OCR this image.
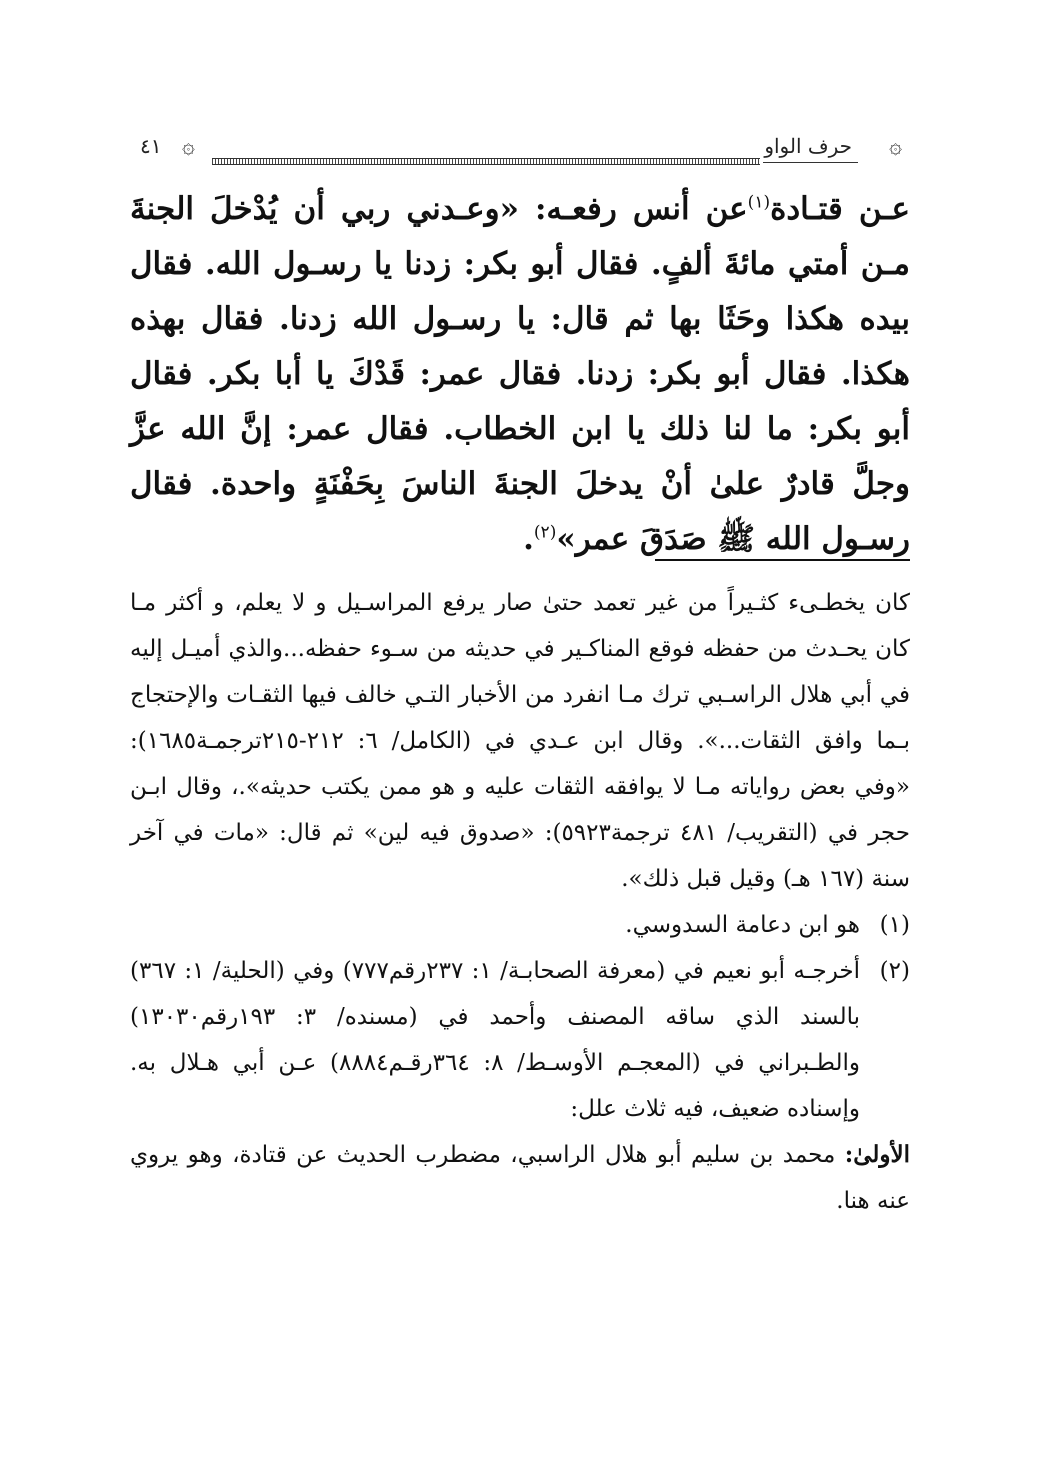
۞
حرف الواو
۞
٤١

عـن قتـادة$^{(١)}$عن أنس رفعـه: «وعـدني ربي أن يُدْخلَ الجنةَ مـن أمتي مائةَ ألفٍ. فقال أبو بكر: زدنا يا رسـول الله. فقال بيده هكذا وحَثَا بها ثم قال: يا رسـول الله زدنا. فقال بهذه هكذا. فقال أبو بكر: زدنا. فقال عمر: قَدْكَ يا أبا بكر. فقال أبو بكر: ما لنا ذلك يا ابن الخطاب. فقال عمر: إنَّ الله عزَّ وجلَّ قادرٌ علىٰ أنْ يدخلَ الجنةَ الناسَ بِحَفْنَةٍ واحدة. فقال رسـول الله ﷺ صَدَقَ عمر»$^{(٢)}$.

كان يخطـىء كثـيراً من غير تعمد حتىٰ صار يرفع المراسـيل و لا يعلم، و أكثر مـا كان يحـدث من حفظه فوقع المناكـير في حديثه من سـوء حفظه...والذي أميـل إليه في أبي هلال الراسـبي ترك مـا انفرد من الأخبار التـي خالف فيها الثقـات والإحتجاج بـما وافق الثقات...». وقال ابن عـدي في (الكامل/ ٦: ٢١٢-٢١٥ترجمـة١٦٨٥): «وفي بعض رواياته مـا لا يوافقه الثقات عليه و هو ممن يكتب حديثه».، وقال ابـن حجر في (التقريب/ ٤٨١ ترجمة٥٩٢٣): «صدوق فيه لين» ثم قال: «مات في آخر سنة (١٦٧ هـ) وقيل قبل ذلك».

(١)
هو ابن دعامة السدوسي.
(٢)
أخرجـه أبو نعيم في (معرفة الصحابـة/ ١: ٢٣٧رقم٧٧٧) وفي (الحلية/ ١: ٣٦٧) بالسند الذي ساقه المصنف وأحمد في (مسنده/ ٣: ١٩٣رقم١٣٠٣٠) والطـبراني في (المعجـم الأوسـط/ ٨: ٣٦٤رقـم٨٨٨٤) عـن أبي هـلال به. وإسناده ضعيف، فيه ثلاث علل:

الأولىٰ: محمد بن سليم أبو هلال الراسبي، مضطرب الحديث عن قتادة، وهو يروي عنه هنا.
